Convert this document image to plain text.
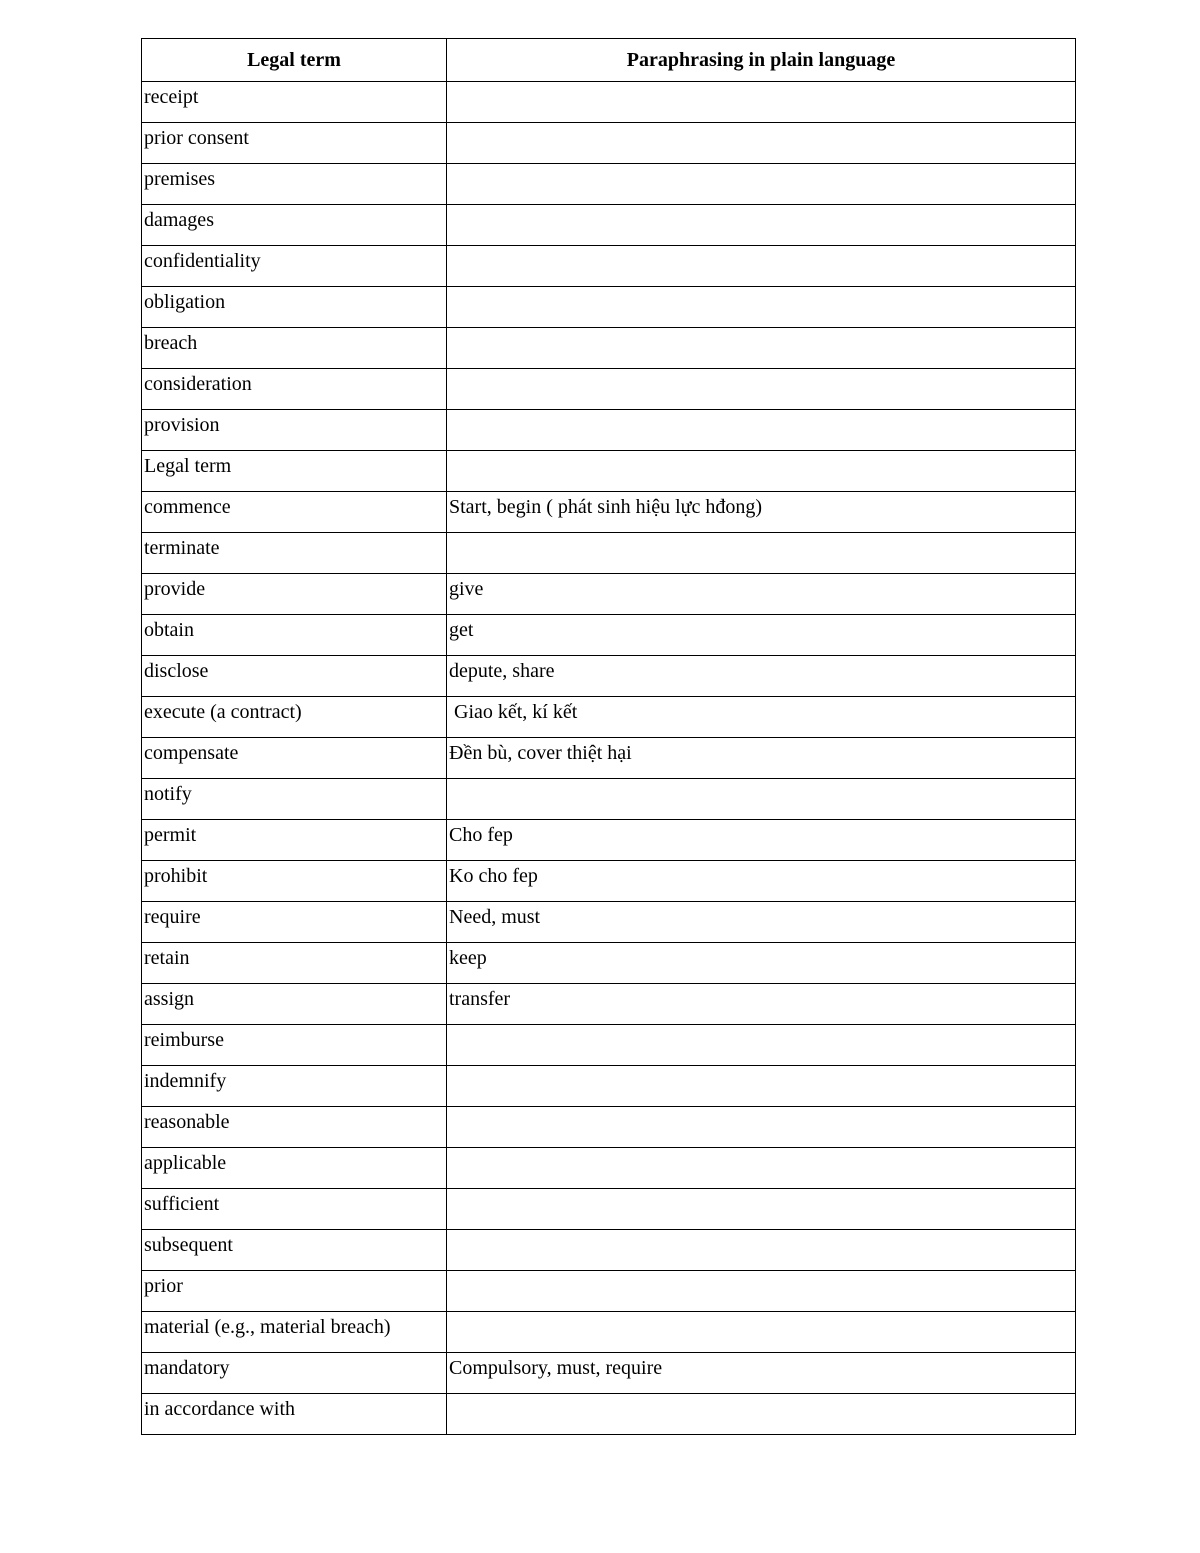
Legal term	Paraphrasing in plain language
receipt	
prior consent	
premises	
damages	
confidentiality	
obligation	
breach	
consideration	
provision	
Legal term	
commence	Start, begin ( phát sinh hiệu lực hđong)
terminate	
provide	give
obtain	get
disclose	depute, share
execute (a contract)	Giao kết, kí kết
compensate	Đền bù, cover thiệt hại
notify	
permit	Cho fep
prohibit	Ko cho fep
require	Need, must
retain	keep
assign	transfer
reimburse	
indemnify	
reasonable	
applicable	
sufficient	
subsequent	
prior	
material (e.g., material breach)	
mandatory	Compulsory, must, require
in accordance with	
